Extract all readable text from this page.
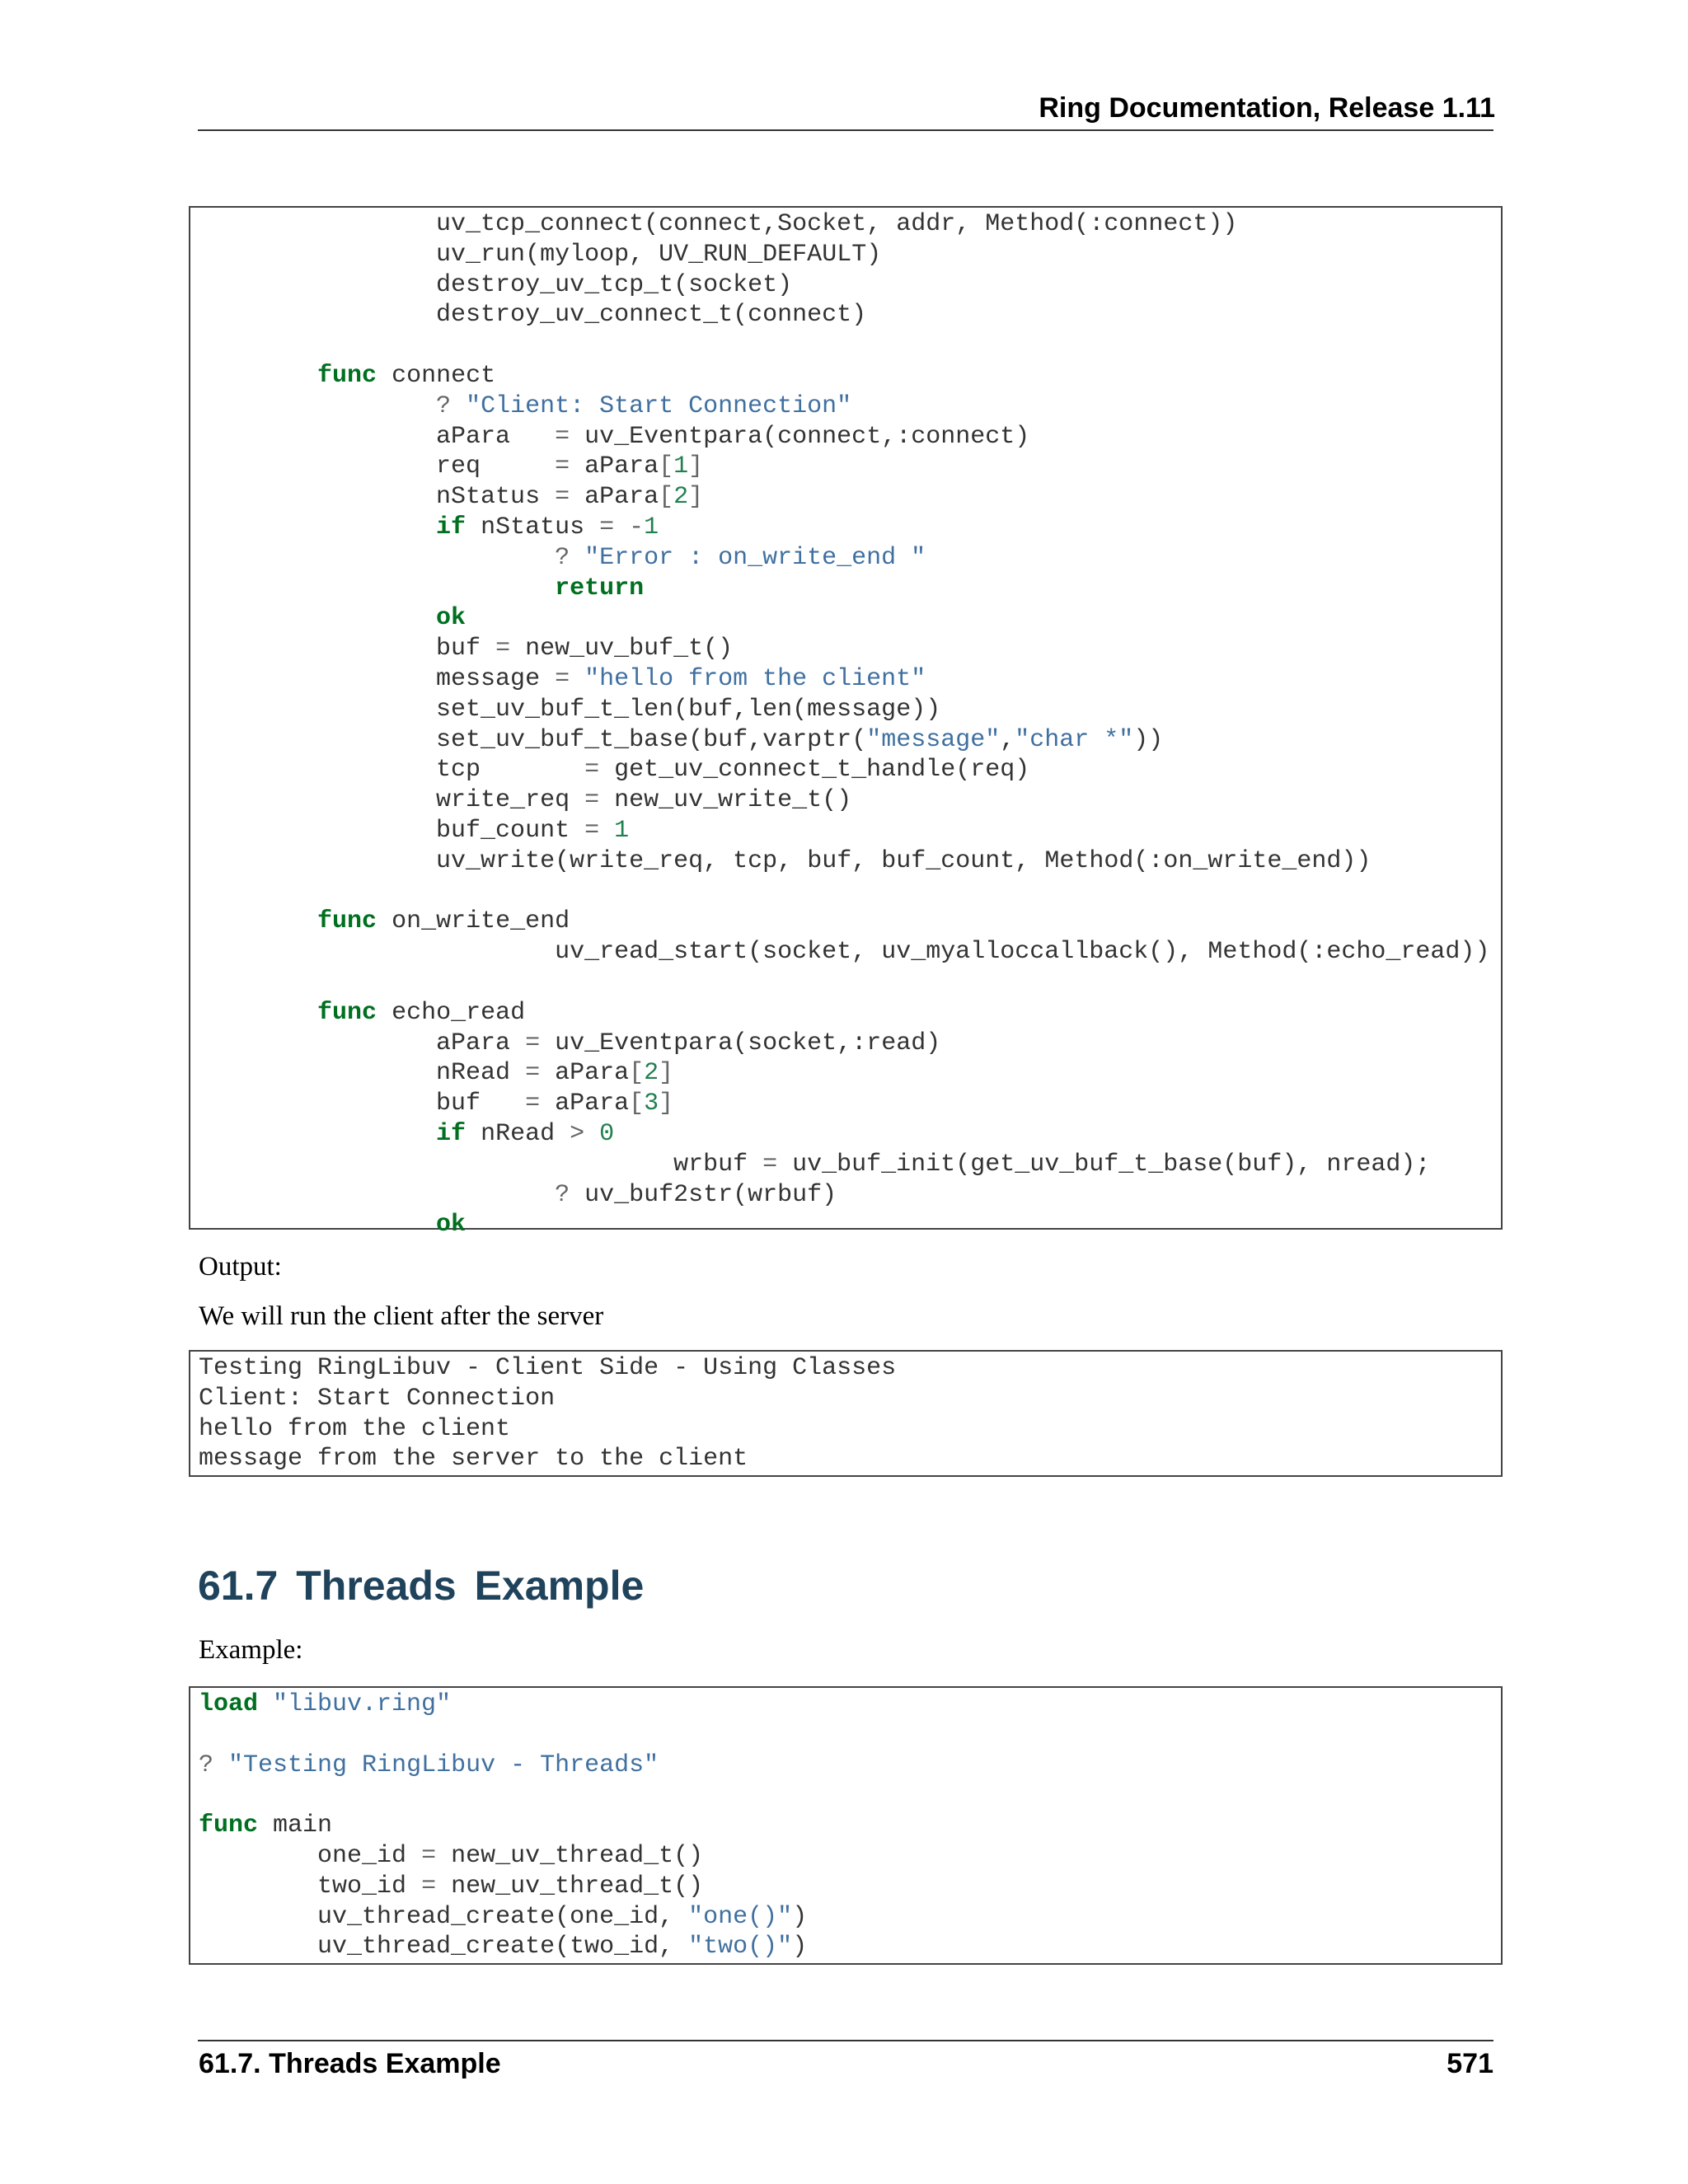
Ring Documentation, Release 1.11
uv_tcp_connect(connect,Socket, addr, Method(:connect))
uv_run(myloop, UV_RUN_DEFAULT)
destroy_uv_tcp_t(socket)
destroy_uv_connect_t(connect)

func connect
? "Client: Start Connection"
aPara = uv_Eventpara(connect,:connect)
req	= aPara[1]
nStatus = aPara[2]
if nStatus = -1
? "Error : on_write_end "
return
ok
buf = new_uv_buf_t()
message = "hello from the client"
set_uv_buf_t_len(buf,len(message))
set_uv_buf_t_base(buf,varptr("message","char *"))
tcp	= get_uv_connect_t_handle(req)
write_req = new_uv_write_t()
buf_count = 1
uv_write(write_req, tcp, buf, buf_count, Method(:on_write_end))

func on_write_end
uv_read_start(socket, uv_myalloccallback(), Method(:echo_read))

func echo_read
aPara = uv_Eventpara(socket,:read)
nRead = aPara[2]
buf = aPara[3]
if nRead > 0
wrbuf = uv_buf_init(get_uv_buf_t_base(buf), nread);
? uv_buf2str(wrbuf)
ok
Output:
We will run the client after the server
Testing RingLibuv - Client Side - Using Classes
Client: Start Connection
hello from the client
message from the server to the client
61.7 Threads Example
Example:
load "libuv.ring"

? "Testing RingLibuv - Threads"

func main
one_id = new_uv_thread_t()
two_id = new_uv_thread_t()
uv_thread_create(one_id, "one()")
uv_thread_create(two_id, "two()")
61.7. Threads Example	571
